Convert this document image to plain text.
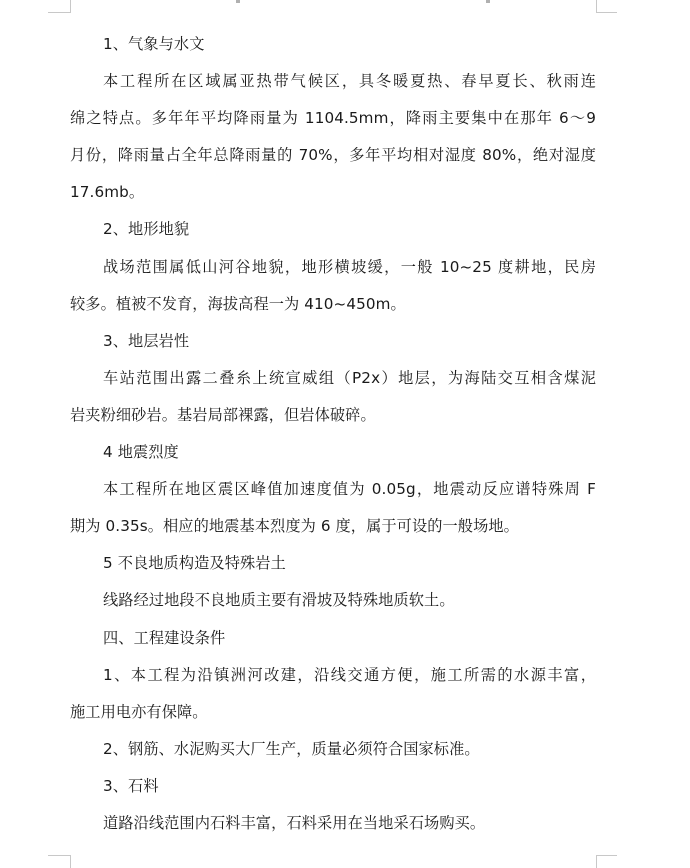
1、气象与水文
本工程所在区域属亚热带气候区，具冬暖夏热、春早夏长、秋雨连
绵之特点。多年年平均降雨量为 1104.5mm，降雨主要集中在那年 6～9
月份，降雨量占全年总降雨量的 70%，多年平均相对湿度 80%，绝对湿度
17.6mb。
2、地形地貌
战场范围属低山河谷地貌，地形横坡缓，一般 10~25 度耕地，民房
较多。植被不发育，海拔高程一为 410~450m。
3、地层岩性
车站范围出露二叠糸上统宣威组（P2x）地层，为海陆交互相含煤泥
岩夹粉细砂岩。基岩局部裸露，但岩体破碎。
4 地震烈度
本工程所在地区震区峰值加速度值为 0.05g，地震动反应谱特殊周 F
期为 0.35s。相应的地震基本烈度为 6 度，属于可设的一般场地。
5 不良地质构造及特殊岩土
线路经过地段不良地质主要有滑坡及特殊地质软土。
四、工程建设条件
1、本工程为沿镇洲河改建，沿线交通方便，施工所需的水源丰富，
施工用电亦有保障。
2、钢筋、水泥购买大厂生产，质量必须符合国家标准。
3、石料
道路沿线范围内石料丰富，石料采用在当地采石场购买。
